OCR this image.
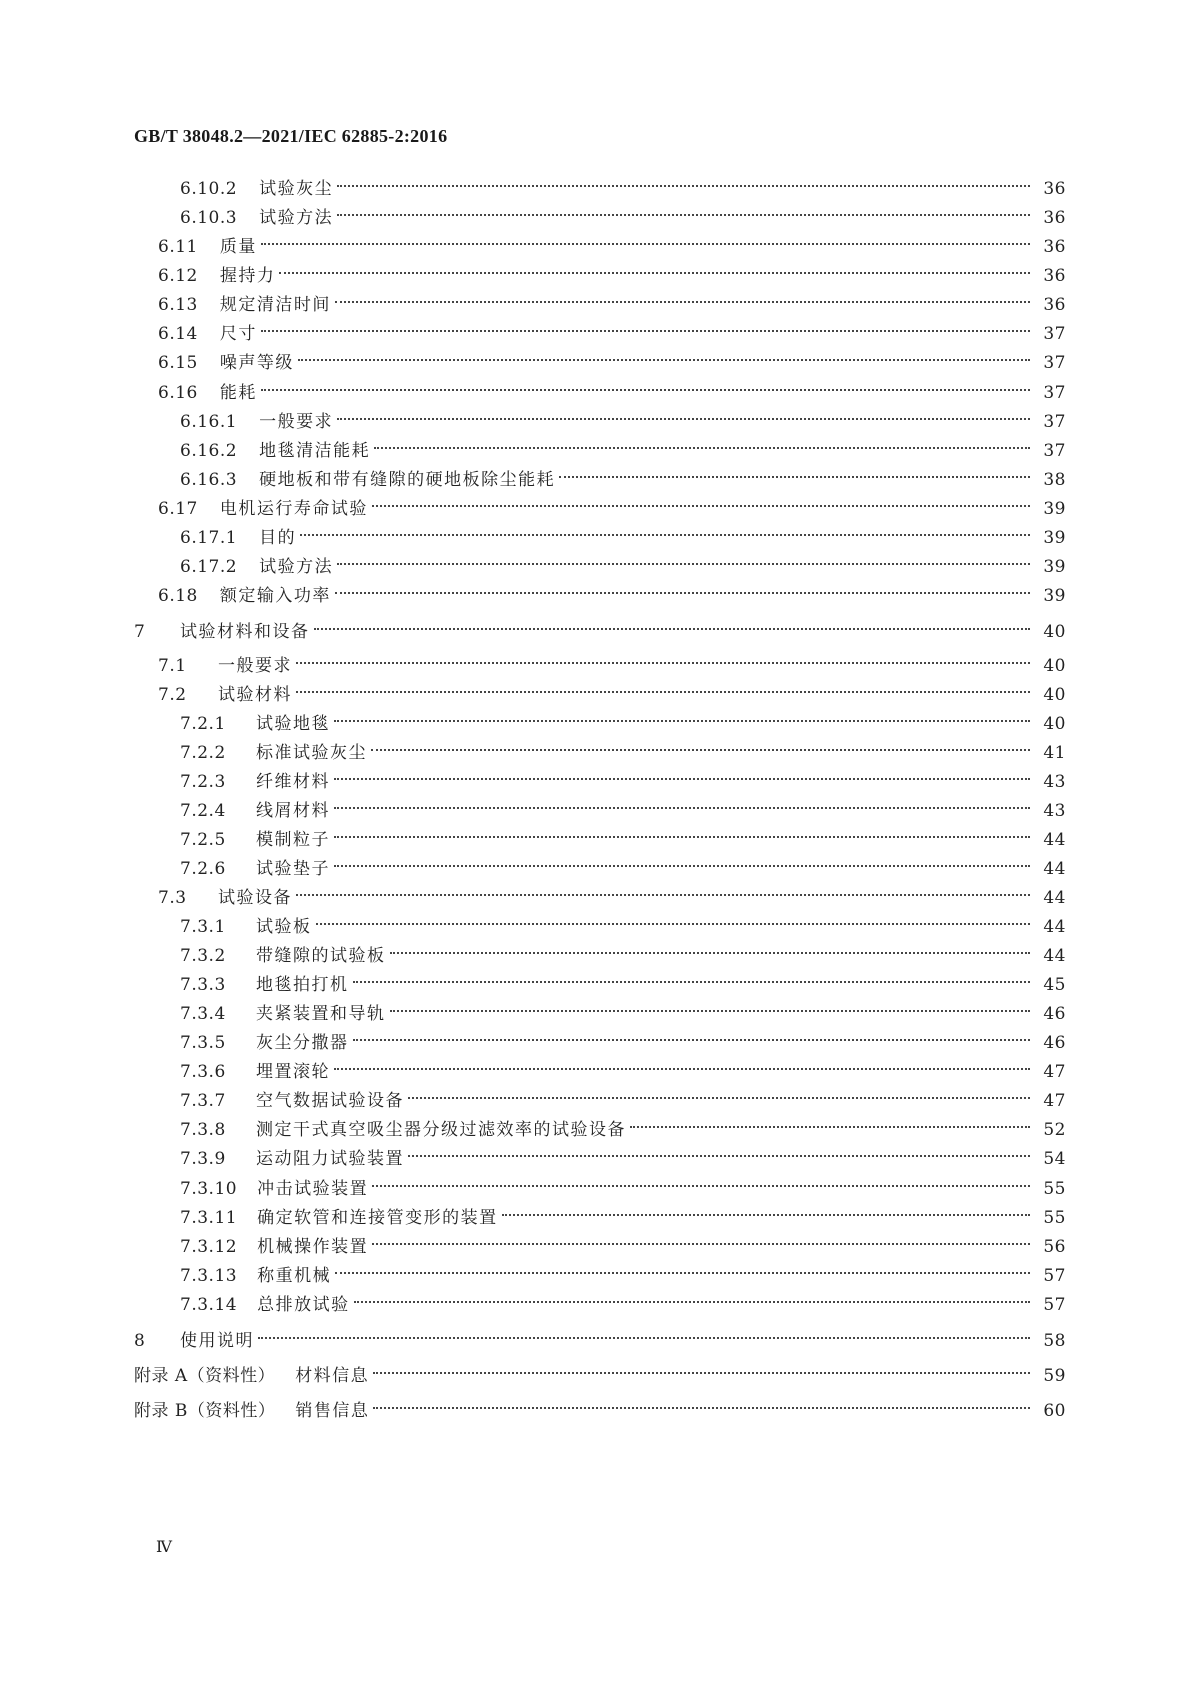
GB/T 38048.2—2021/IEC 62885-2:2016
6.10.2 试验灰尘	36
6.10.3 试验方法	36
6.11 质量	36
6.12 握持力	36
6.13 规定清洁时间	36
6.14 尺寸	37
6.15 噪声等级	37
6.16 能耗	37
6.16.1 一般要求	37
6.16.2 地毯清洁能耗	37
6.16.3 硬地板和带有缝隙的硬地板除尘能耗	38
6.17 电机运行寿命试验	39
6.17.1 目的	39
6.17.2 试验方法	39
6.18 额定输入功率	39
7	试验材料和设备	40
7.1	一般要求	40
7.2	试验材料	40
7.2.1	试验地毯	40
7.2.2	标准试验灰尘	41
7.2.3	纤维材料	43
7.2.4	线屑材料	43
7.2.5	模制粒子	44
7.2.6	试验垫子	44
7.3	试验设备	44
7.3.1	试验板	44
7.3.2	带缝隙的试验板	44
7.3.3	地毯拍打机	45
7.3.4	夹紧装置和导轨	46
7.3.5	灰尘分撒器	46
7.3.6	埋置滚轮	47
7.3.7	空气数据试验设备	47
7.3.8	测定干式真空吸尘器分级过滤效率的试验设备	52
7.3.9	运动阻力试验装置	54
7.3.10 冲击试验装置	55
7.3.11 确定软管和连接管变形的装置	55
7.3.12 机械操作装置	56
7.3.13 称重机械	57
7.3.14 总排放试验	57
8	使用说明	58
附录 A（资料性） 材料信息	59
附录 B（资料性） 销售信息	60
Ⅳ
